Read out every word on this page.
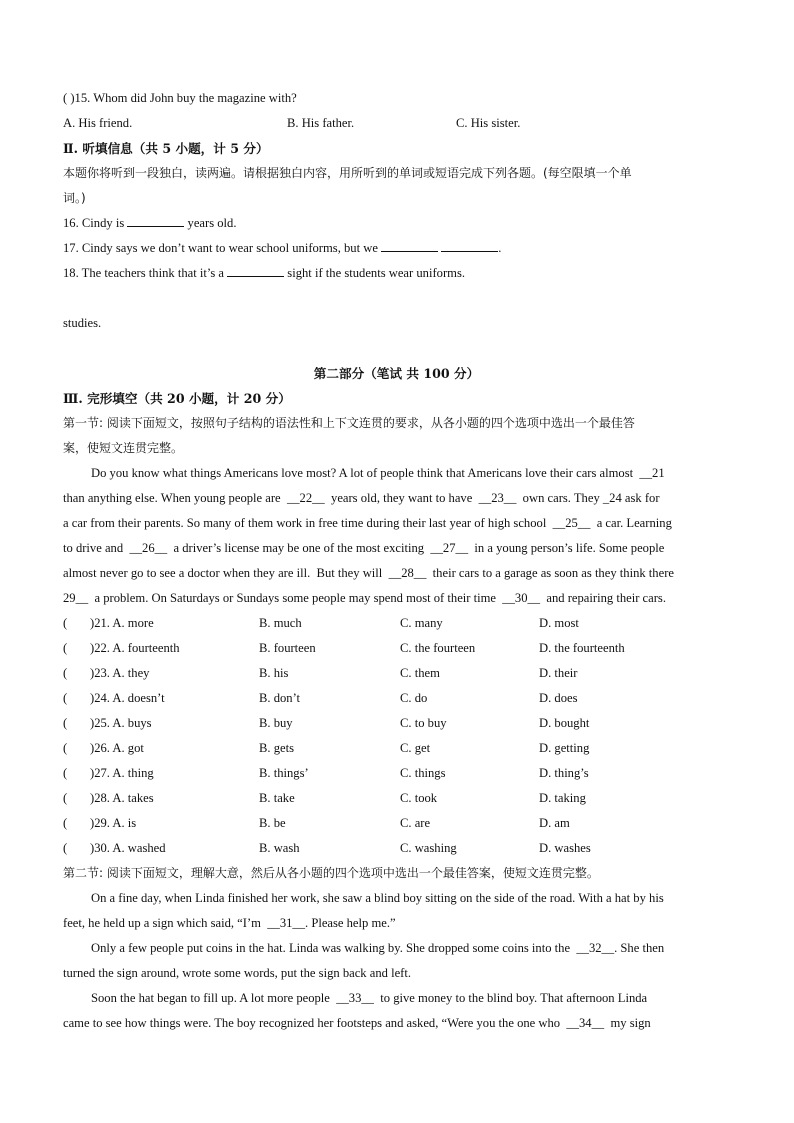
( )15. Whom did John buy the magazine with?
A. His friend.	B. His father.	C. His sister.
Ⅱ. 听填信息（共 5 小题，计 5 分）
本题你将听到一段独白，读两遍。请根据独白内容，用所听到的单词或短语完成下列各题。(每空限填一个单
词。)
16. Cindy is	years old.
17. Cindy says we don’t want to wear school uniforms, but we	.
18. The teachers think that it’s a	sight if the students wear uniforms.

studies.

第二部分（笔试 共 100 分）
Ⅲ. 完形填空（共 20 小题，计 20 分）
第一节: 阅读下面短文，按照句子结构的语法性和上下文连贯的要求，从各小题的四个选项中选出一个最佳答
案，使短文连贯完整。
Do you know what things Americans love most? A lot of people think that Americans love their cars almost  __21
than anything else. When young people are  __22__  years old, they want to have  __23__  own cars. They _24 ask for
a car from their parents. So many of them work in free time during their last year of high school  __25__  a car. Learning
to drive and  __26__  a driver’s license may be one of the most exciting  __27__  in a young person’s life. Some people
almost never go to see a doctor when they are ill.  But they will  __28__  their cars to a garage as soon as they think there
29__  a problem. On Saturdays or Sundays some people may spend most of their time  __30__  and repairing their cars.
( )21. A. more	B. much	C. many	D. most
( )22. A. fourteenth	B. fourteen	C. the fourteen	D. the fourteenth
( )23. A. they	B. his	C. them	D. their
( )24. A. doesn’t	B. don’t	C. do	D. does
( )25. A. buys	B. buy	C. to buy	D. bought
( )26. A. got	B. gets	C. get	D. getting
( )27. A. thing	B. things’	C. things	D. thing’s
( )28. A. takes	B. take	C. took	D. taking
( )29. A. is	B. be	C. are	D. am
( )30. A. washed	B. wash	C. washing	D. washes
第二节: 阅读下面短文，理解大意，然后从各小题的四个选项中选出一个最佳答案，使短文连贯完整。
On a fine day, when Linda finished her work, she saw a blind boy sitting on the side of the road. With a hat by his
feet, he held up a sign which said, “I’m  __31__. Please help me.”
Only a few people put coins in the hat. Linda was walking by. She dropped some coins into the  __32__. She then
turned the sign around, wrote some words, put the sign back and left.
Soon the hat began to fill up. A lot more people  __33__  to give money to the blind boy. That afternoon Linda
came to see how things were. The boy recognized her footsteps and asked, “Were you the one who  __34__  my sign
